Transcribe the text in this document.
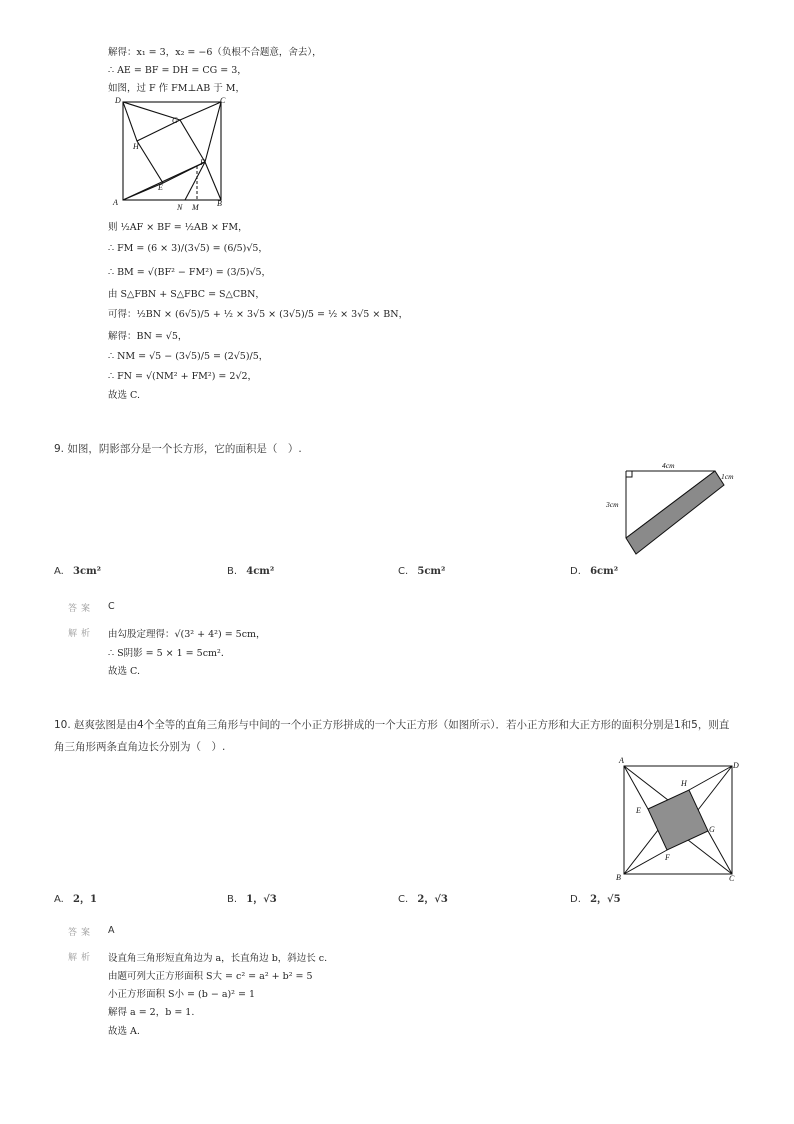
解得：x₁ = 3，x₂ = −6（负根不合题意，舍去），
∴ AE = BF = DH = CG = 3，
如图，过 F 作 FM⊥AB 于 M，
D	C
G
H
F
E
A
N M B
则 ½AF × BF = ½AB × FM，
∴ FM = (6 × 3)/(3√5) = (6/5)√5，
∴ BM = √(BF² − FM²) = (3/5)√5，
由 S△FBN + S△FBC = S△CBN，
可得：½BN × (6√5)/5 + ½ × 3√5 × (3√5)/5 = ½ × 3√5 × BN，
解得：BN = √5，
∴ NM = √5 − (3√5)/5 = (2√5)/5，
∴ FN = √(NM² + FM²) = 2√2，
故选 C.
9. 如图，阴影部分是一个长方形，它的面积是（　）.
4cm
1cm
3cm
A. 3cm²	B. 4cm²	C. 5cm²	D. 6cm²
答案 C
解析 由勾股定理得：√(3² + 4²) = 5cm，
∴ S阴影 = 5 × 1 = 5cm²．
故选 C.
10. 赵爽弦图是由4个全等的直角三角形与中间的一个小正方形拼成的一个大正方形（如图所示）．若小正方形和大正方形的面积分别是1和5，则直
角三角形两条直角边长分别为（　）.
A
D
H
E
G
F
B	C
A. 2，1	B. 1，√3	C. 2，√3	D. 2，√5
答案 A
解析 设直角三角形短直角边为 a，长直角边 b，斜边长 c.
由题可列大正方形面积 S大 = c² = a² + b² = 5
小正方形面积 S小 = (b − a)² = 1
解得 a = 2，b = 1.
故选 A.
